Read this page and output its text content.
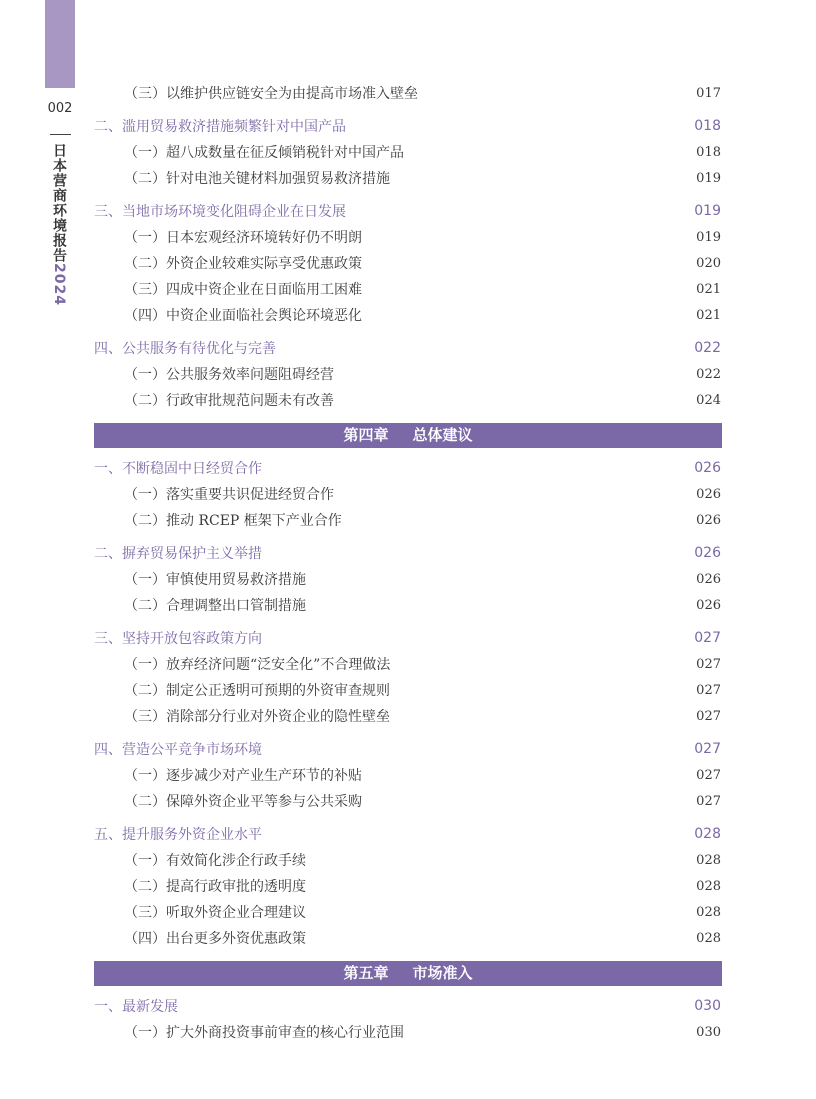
002
日本营商环境报告2024
（三）以维护供应链安全为由提高市场准入壁垒	017
二、滥用贸易救济措施频繁针对中国产品	018
（一）超八成数量在征反倾销税针对中国产品	018
（二）针对电池关键材料加强贸易救济措施	019
三、当地市场环境变化阻碍企业在日发展	019
（一）日本宏观经济环境转好仍不明朗	019
（二）外资企业较难实际享受优惠政策	020
（三）四成中资企业在日面临用工困难	021
（四）中资企业面临社会舆论环境恶化	021
四、公共服务有待优化与完善	022
（一）公共服务效率问题阻碍经营	022
（二）行政审批规范问题未有改善	024
第四章 总体建议
一、不断稳固中日经贸合作	026
（一）落实重要共识促进经贸合作	026
（二）推动 RCEP 框架下产业合作	026
二、摒弃贸易保护主义举措	026
（一）审慎使用贸易救济措施	026
（二）合理调整出口管制措施	026
三、坚持开放包容政策方向	027
（一）放弃经济问题“泛安全化”不合理做法	027
（二）制定公正透明可预期的外资审查规则	027
（三）消除部分行业对外资企业的隐性壁垒	027
四、营造公平竞争市场环境	027
（一）逐步减少对产业生产环节的补贴	027
（二）保障外资企业平等参与公共采购	027
五、提升服务外资企业水平	028
（一）有效简化涉企行政手续	028
（二）提高行政审批的透明度	028
（三）听取外资企业合理建议	028
（四）出台更多外资优惠政策	028
第五章 市场准入
一、最新发展	030
（一）扩大外商投资事前审查的核心行业范围	030
